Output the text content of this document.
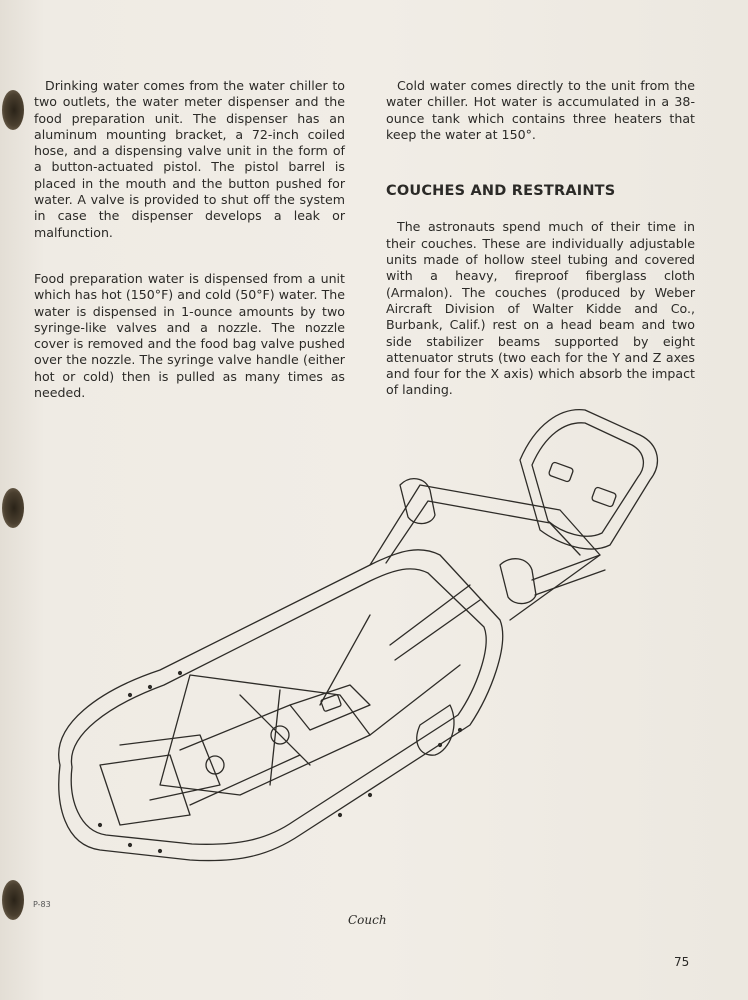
Drinking water comes from the water chiller to two outlets, the water meter dispenser and the food preparation unit. The dispenser has an aluminum mounting bracket, a 72-inch coiled hose, and a dispensing valve unit in the form of a button-actuated pistol. The pistol barrel is placed in the mouth and the button pushed for water. A valve is provided to shut off the system in case the dispenser develops a leak or malfunction.

Food preparation water is dispensed from a unit which has hot (150°F) and cold (50°F) water. The water is dispensed in 1-ounce amounts by two syringe-like valves and a nozzle. The nozzle cover is removed and the food bag valve pushed over the nozzle. The syringe valve handle (either hot or cold) then is pulled as many times as needed.

Cold water comes directly to the unit from the water chiller. Hot water is accumulated in a 38-ounce tank which contains three heaters that keep the water at 150°.

COUCHES AND RESTRAINTS

The astronauts spend much of their time in their couches. These are individually adjustable units made of hollow steel tubing and covered with a heavy, fireproof fiberglass cloth (Armalon). The couches (produced by Weber Aircraft Division of Walter Kidde and Co., Burbank, Calif.) rest on a head beam and two side stabilizer beams supported by eight attenuator struts (two each for the Y and Z axes and four for the X axis) which absorb the impact of landing.

P-83
Couch
75
